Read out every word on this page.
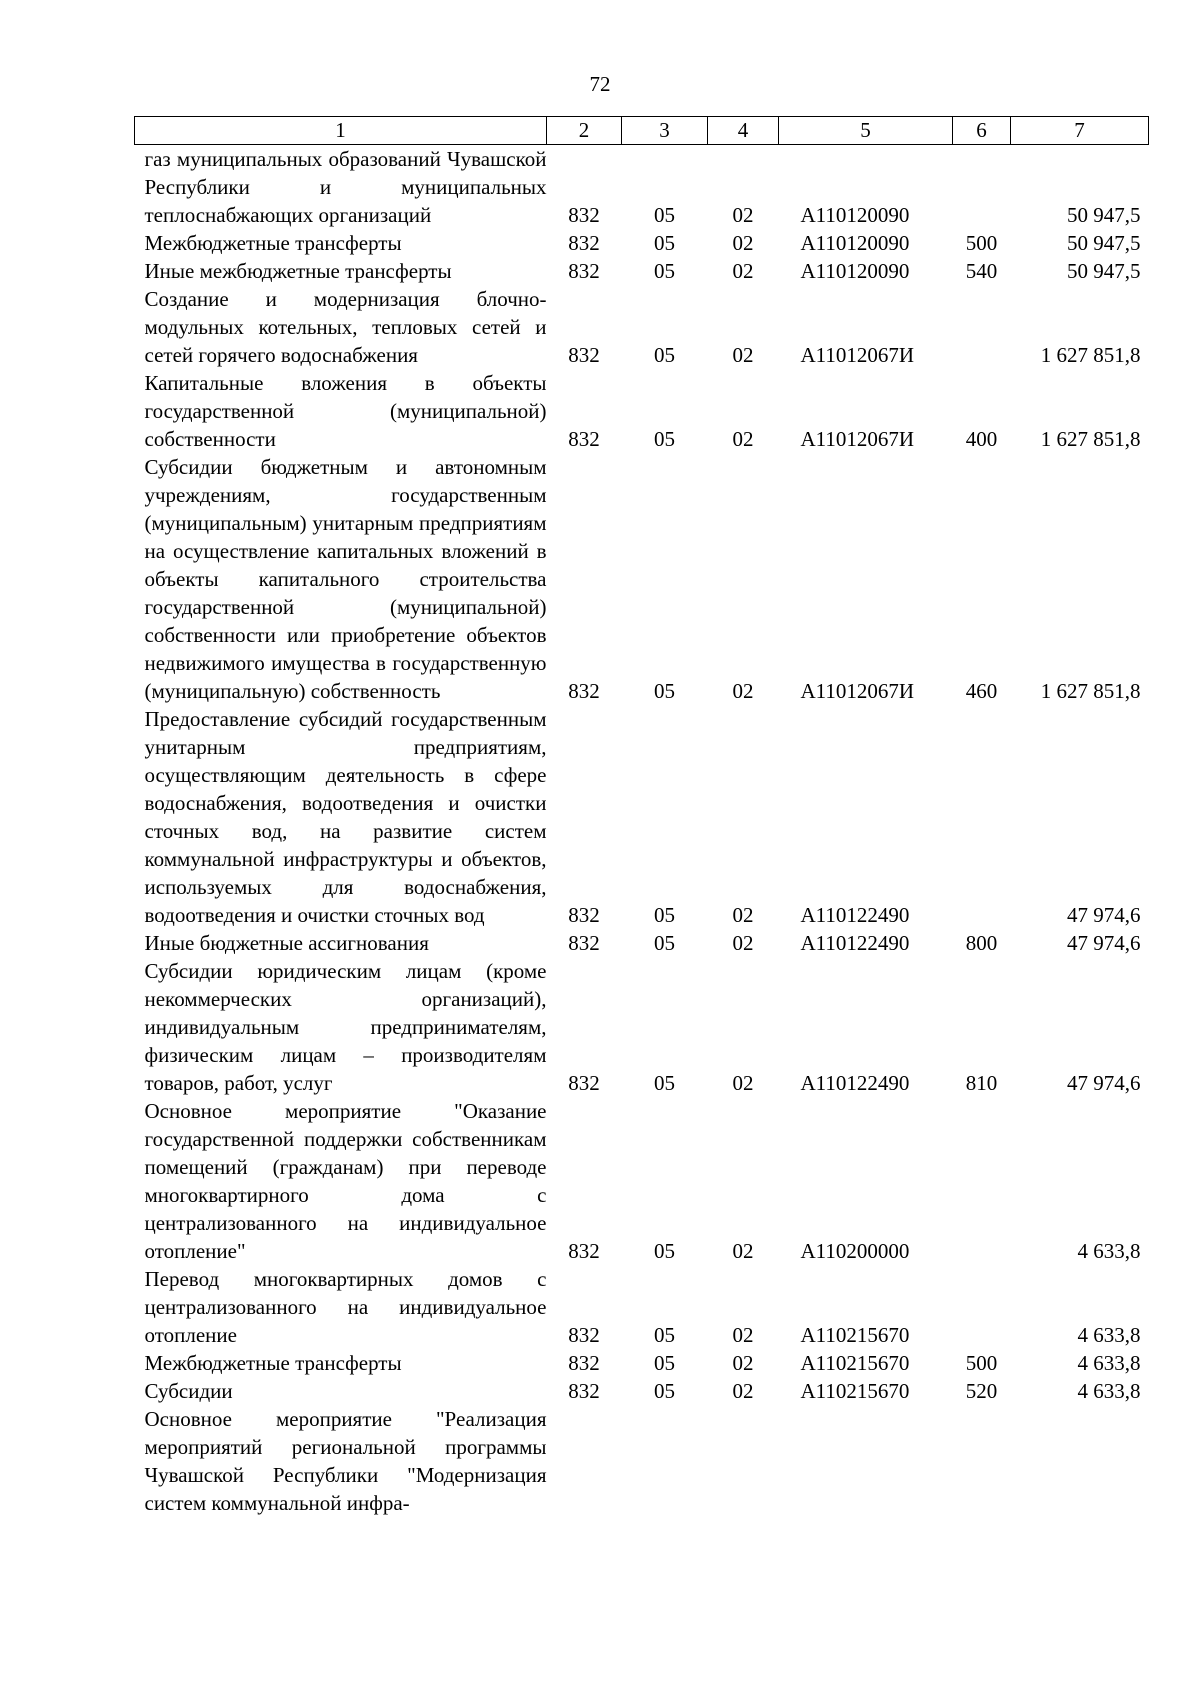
72
1	2	3	4	5	6	7
газ муниципальных образований Чувашской Республики и муниципальных теплоснабжающих организаций	832	05	02	А110120090		50 947,5
Межбюджетные трансферты	832	05	02	А110120090	500	50 947,5
Иные межбюджетные трансферты	832	05	02	А110120090	540	50 947,5
Создание и модернизация блочно-модульных котельных, тепловых сетей и сетей горячего водоснабжения	832	05	02	А11012067И		1 627 851,8
Капитальные вложения в объекты государственной (муниципальной) собственности	832	05	02	А11012067И	400	1 627 851,8
Субсидии бюджетным и автономным учреждениям, государственным (муниципальным) унитарным предприятиям на осуществление капитальных вложений в объекты капитального строительства государственной (муниципальной) собственности или приобретение объектов недвижимого имущества в государственную (муниципальную) собственность	832	05	02	А11012067И	460	1 627 851,8
Предоставление субсидий государственным унитарным предприятиям, осуществляющим деятельность в сфере водоснабжения, водоотведения и очистки сточных вод, на развитие систем коммунальной инфраструктуры и объектов, используемых для водоснабжения, водоотведения и очистки сточных вод	832	05	02	А110122490		47 974,6
Иные бюджетные ассигнования	832	05	02	А110122490	800	47 974,6
Субсидии юридическим лицам (кроме некоммерческих организаций), индивидуальным предпринимателям, физическим лицам – производителям товаров, работ, услуг	832	05	02	А110122490	810	47 974,6
Основное мероприятие "Оказание государственной поддержки собственникам помещений (гражданам) при переводе многоквартирного дома с централизованного на индивидуальное отопление"	832	05	02	А110200000		4 633,8
Перевод многоквартирных домов с централизованного на индивидуальное отопление	832	05	02	А110215670		4 633,8
Межбюджетные трансферты	832	05	02	А110215670	500	4 633,8
Субсидии	832	05	02	А110215670	520	4 633,8
Основное мероприятие "Реализация мероприятий региональной программы Чувашской Республики "Модернизация систем коммунальной инфра-						
